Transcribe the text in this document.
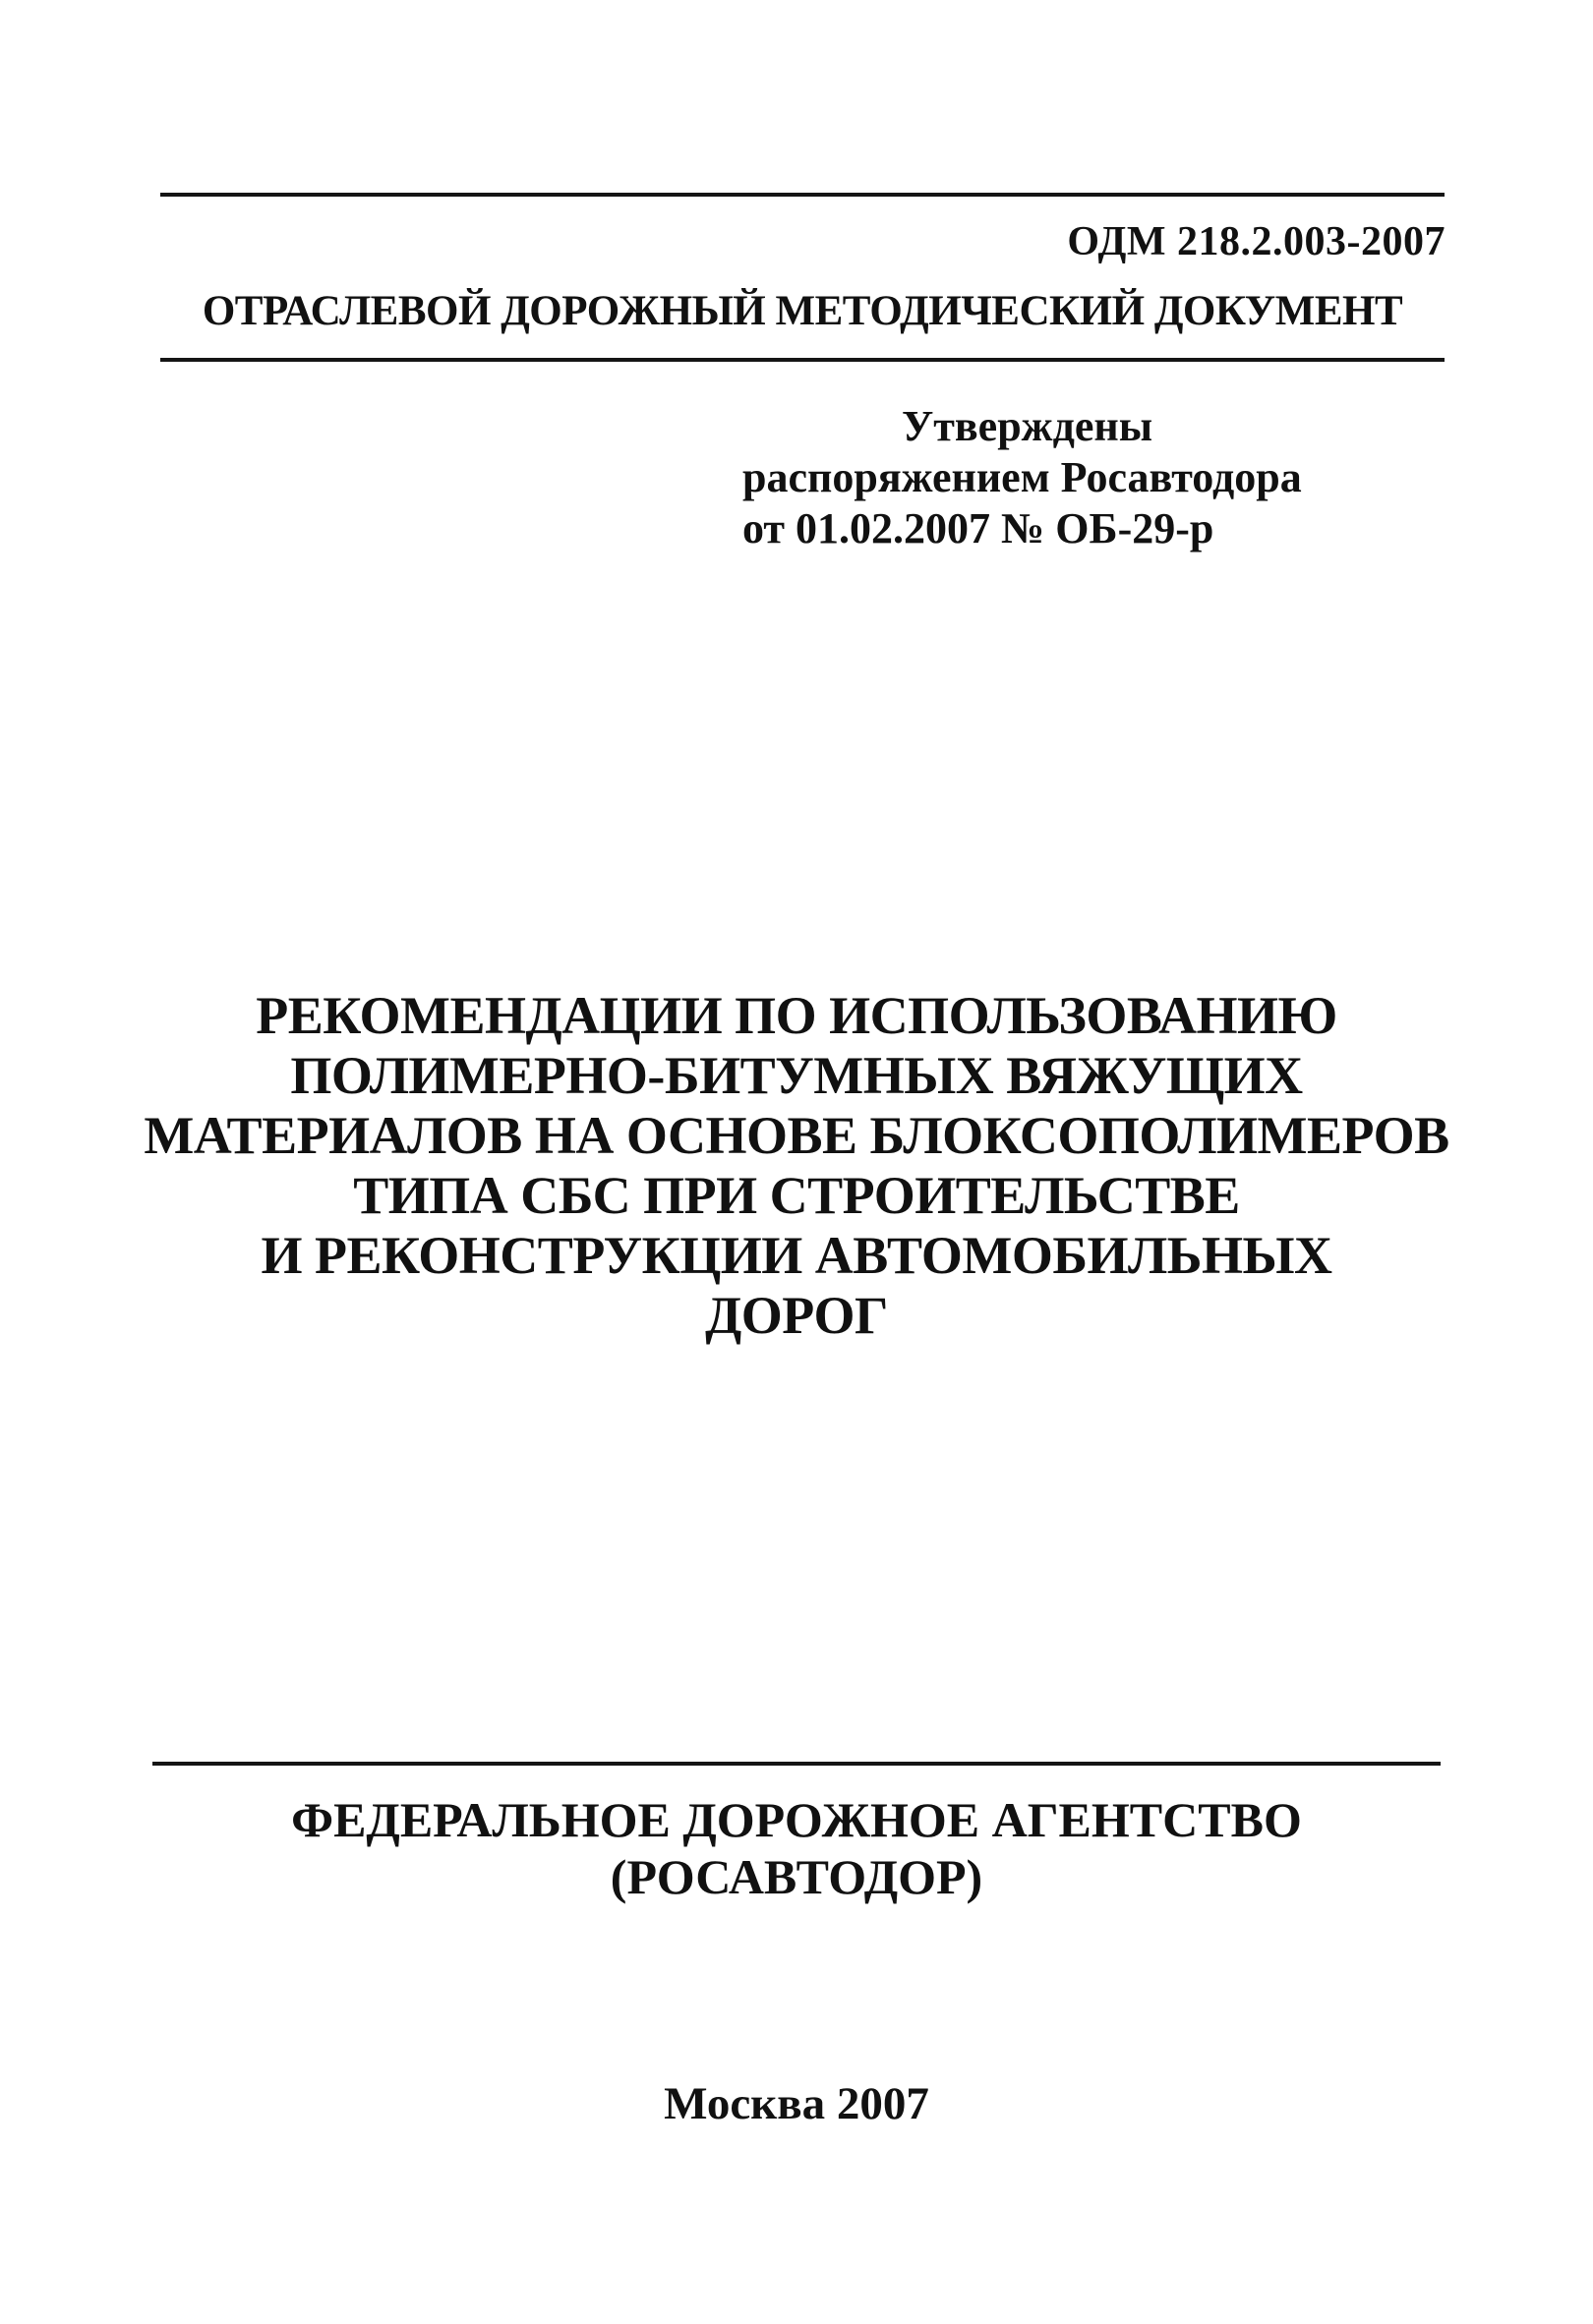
ОДМ 218.2.003-2007
ОТРАСЛЕВОЙ ДОРОЖНЫЙ МЕТОДИЧЕСКИЙ ДОКУМЕНТ
Утверждены
распоряжением Росавтодора
от 01.02.2007 № ОБ-29-р
РЕКОМЕНДАЦИИ ПО ИСПОЛЬЗОВАНИЮ
ПОЛИМЕРНО-БИТУМНЫХ ВЯЖУЩИХ
МАТЕРИАЛОВ НА ОСНОВЕ БЛОКСОПОЛИМЕРОВ
ТИПА СБС ПРИ СТРОИТЕЛЬСТВЕ
И РЕКОНСТРУКЦИИ АВТОМОБИЛЬНЫХ
ДОРОГ
ФЕДЕРАЛЬНОЕ ДОРОЖНОЕ АГЕНТСТВО
(РОСАВТОДОР)
Москва 2007
